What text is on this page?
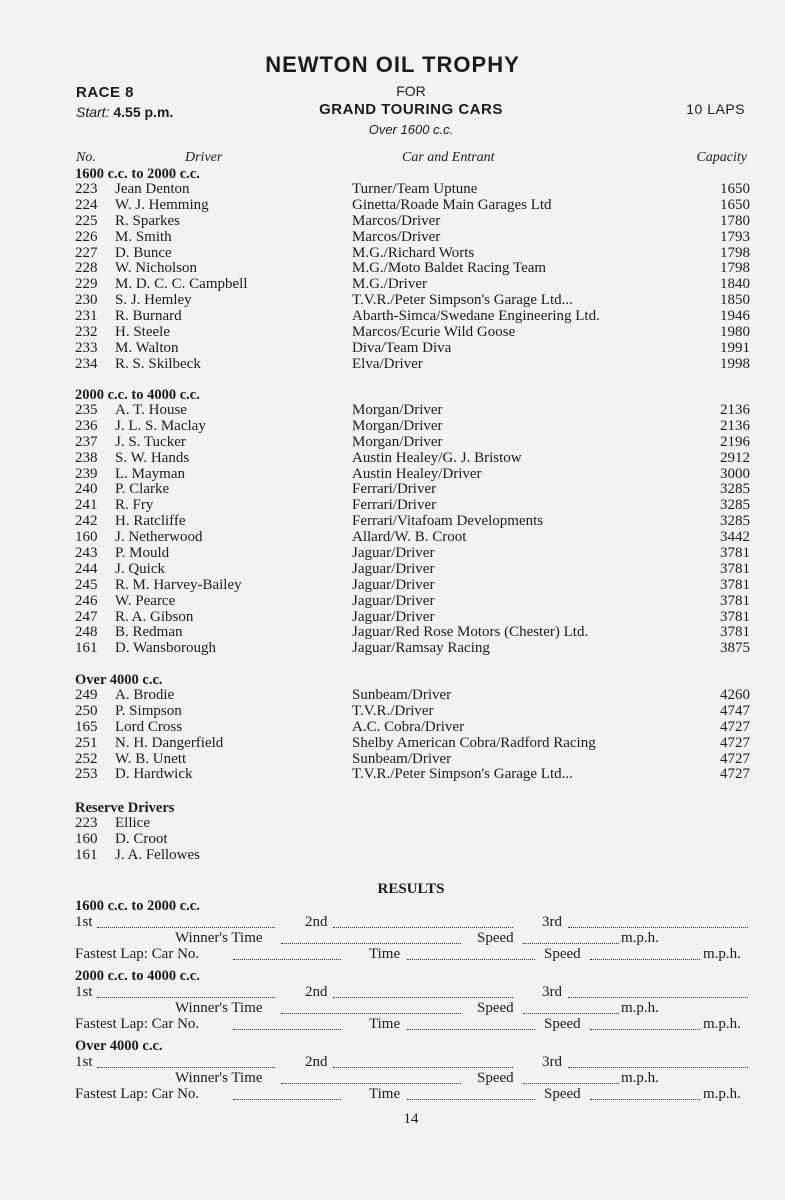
NEWTON OIL TROPHY
RACE 8
Start: 4.55 p.m.
FOR
GRAND TOURING CARS	10 LAPS
Over 1600 c.c.
No.	Driver	Car and Entrant	Capacity
1600 c.c. to 2000 c.c.
223 Jean Denton	Turner/Team Uptune	1650
224 W. J. Hemming	Ginetta/Roade Main Garages Ltd	1650
225 R. Sparkes	Marcos/Driver	1780
226 M. Smith	Marcos/Driver	1793
227 D. Bunce	M.G./Richard Worts	1798
228 W. Nicholson	M.G./Moto Baldet Racing Team	1798
229 M. D. C. C. Campbell	M.G./Driver	1840
230 S. J. Hemley	T.V.R./Peter Simpson's Garage Ltd...	1850
231 R. Burnard	Abarth-Simca/Swedane Engineering Ltd.	1946
232 H. Steele	Marcos/Ecurie Wild Goose	1980
233 M. Walton	Diva/Team Diva	1991
234 R. S. Skilbeck	Elva/Driver	1998
2000 c.c. to 4000 c.c.
235 A. T. House	Morgan/Driver	2136
236 J. L. S. Maclay	Morgan/Driver	2136
237 J. S. Tucker	Morgan/Driver	2196
238 S. W. Hands	Austin Healey/G. J. Bristow	2912
239 L. Mayman	Austin Healey/Driver	3000
240 P. Clarke	Ferrari/Driver	3285
241 R. Fry	Ferrari/Driver	3285
242 H. Ratcliffe	Ferrari/Vitafoam Developments	3285
160 J. Netherwood	Allard/W. B. Croot	3442
243 P. Mould	Jaguar/Driver	3781
244 J. Quick	Jaguar/Driver	3781
245 R. M. Harvey-Bailey	Jaguar/Driver	3781
246 W. Pearce	Jaguar/Driver	3781
247 R. A. Gibson	Jaguar/Driver	3781
248 B. Redman	Jaguar/Red Rose Motors (Chester) Ltd.	3781
161 D. Wansborough	Jaguar/Ramsay Racing	3875
Over 4000 c.c.
249 A. Brodie	Sunbeam/Driver	4260
250 P. Simpson	T.V.R./Driver	4747
165 Lord Cross	A.C. Cobra/Driver	4727
251 N. H. Dangerfield	Shelby American Cobra/Radford Racing	4727
252 W. B. Unett	Sunbeam/Driver	4727
253 D. Hardwick	T.V.R./Peter Simpson's Garage Ltd...	4727
Reserve Drivers
223 Ellice
160 D. Croot
161 J. A. Fellowes
RESULTS
1600 c.c. to 2000 c.c.
1st	2nd	3rd
Winner's Time	Speed	m.p.h.
Fastest Lap: Car No.	Time	Speed	m.p.h.
2000 c.c. to 4000 c.c.
1st	2nd	3rd
Winner's Time	Speed	m.p.h.
Fastest Lap: Car No.	Time	Speed	m.p.h.
Over 4000 c.c.
1st	2nd	3rd
Winner's Time	Speed	m.p.h.
Fastest Lap: Car No.	Time	Speed	m.p.h.
14
